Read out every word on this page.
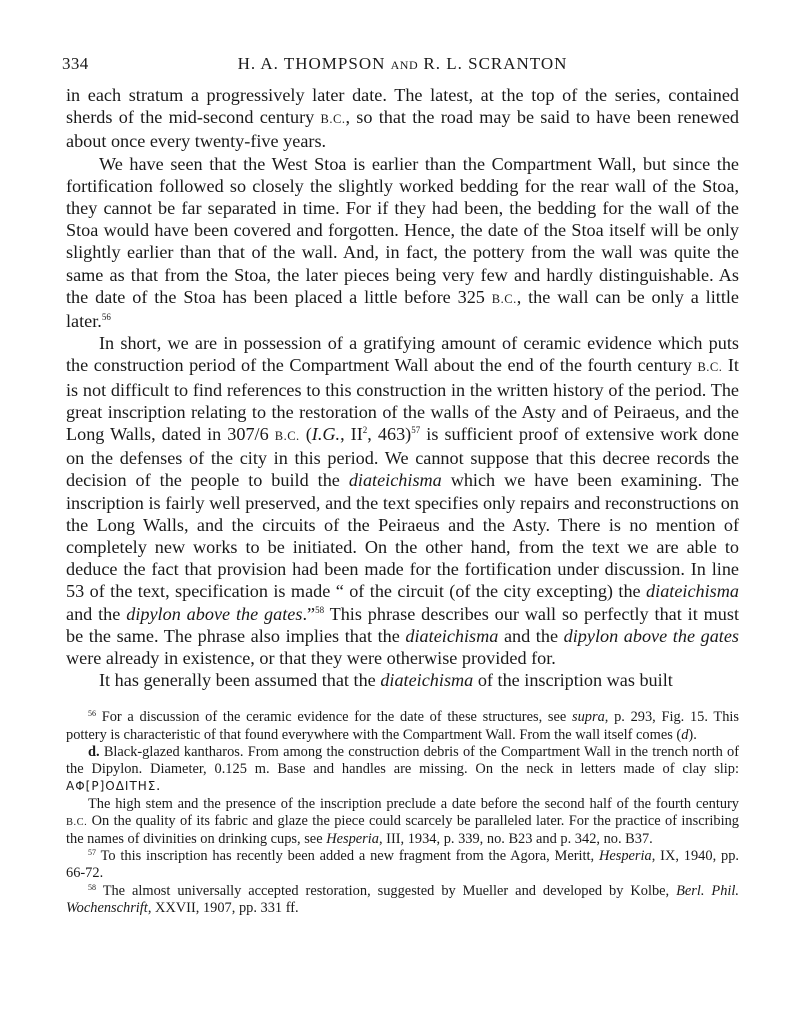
334	H. A. THOMPSON AND R. L. SCRANTON

in each stratum a progressively later date. The latest, at the top of the series, contained sherds of the mid-second century B.C., so that the road may be said to have been renewed about once every twenty-five years.

We have seen that the West Stoa is earlier than the Compartment Wall, but since the fortification followed so closely the slightly worked bedding for the rear wall of the Stoa, they cannot be far separated in time. For if they had been, the bedding for the wall of the Stoa would have been covered and forgotten. Hence, the date of the Stoa itself will be only slightly earlier than that of the wall. And, in fact, the pottery from the wall was quite the same as that from the Stoa, the later pieces being very few and hardly distinguishable. As the date of the Stoa has been placed a little before 325 B.C., the wall can be only a little later.$^{56}$

In short, we are in possession of a gratifying amount of ceramic evidence which puts the construction period of the Compartment Wall about the end of the fourth century B.C. It is not difficult to find references to this construction in the written history of the period. The great inscription relating to the restoration of the walls of the Asty and of Peiraeus, and the Long Walls, dated in 307/6 B.C. (I.G., $II^2$, 463)$^{57}$ is sufficient proof of extensive work done on the defenses of the city in this period. We cannot suppose that this decree records the decision of the people to build the diateichisma which we have been examining. The inscription is fairly well preserved, and the text specifies only repairs and reconstructions on the Long Walls, and the circuits of the Peiraeus and the Asty. There is no mention of completely new works to be initiated. On the other hand, from the text we are able to deduce the fact that provision had been made for the fortification under discussion. In line 53 of the text, specification is made “ of the circuit (of the city excepting) the diateichisma and the dipylon above the gates.”$^{58}$ This phrase describes our wall so perfectly that it must be the same. The phrase also implies that the diateichisma and the dipylon above the gates were already in existence, or that they were otherwise provided for.

It has generally been assumed that the diateichisma of the inscription was built

$^{56}$ For a discussion of the ceramic evidence for the date of these structures, see supra, p. 293, Fig. 15. This pottery is characteristic of that found everywhere with the Compartment Wall. From the wall itself comes (d).

d. Black-glazed kantharos. From among the construction debris of the Compartment Wall in the trench north of the Dipylon. Diameter, 0.125 m. Base and handles are missing. On the neck in letters made of clay slip: ΑΦ[Ρ]ΟΔΙΤΗΣ.

The high stem and the presence of the inscription preclude a date before the second half of the fourth century B.C. On the quality of its fabric and glaze the piece could scarcely be paralleled later. For the practice of inscribing the names of divinities on drinking cups, see Hesperia, III, 1934, p. 339, no. B23 and p. 342, no. B37.

$^{57}$ To this inscription has recently been added a new fragment from the Agora, Meritt, Hesperia, IX, 1940, pp. 66-72.

$^{58}$ The almost universally accepted restoration, suggested by Mueller and developed by Kolbe, Berl. Phil. Wochenschrift, XXVII, 1907, pp. 331 ff.
